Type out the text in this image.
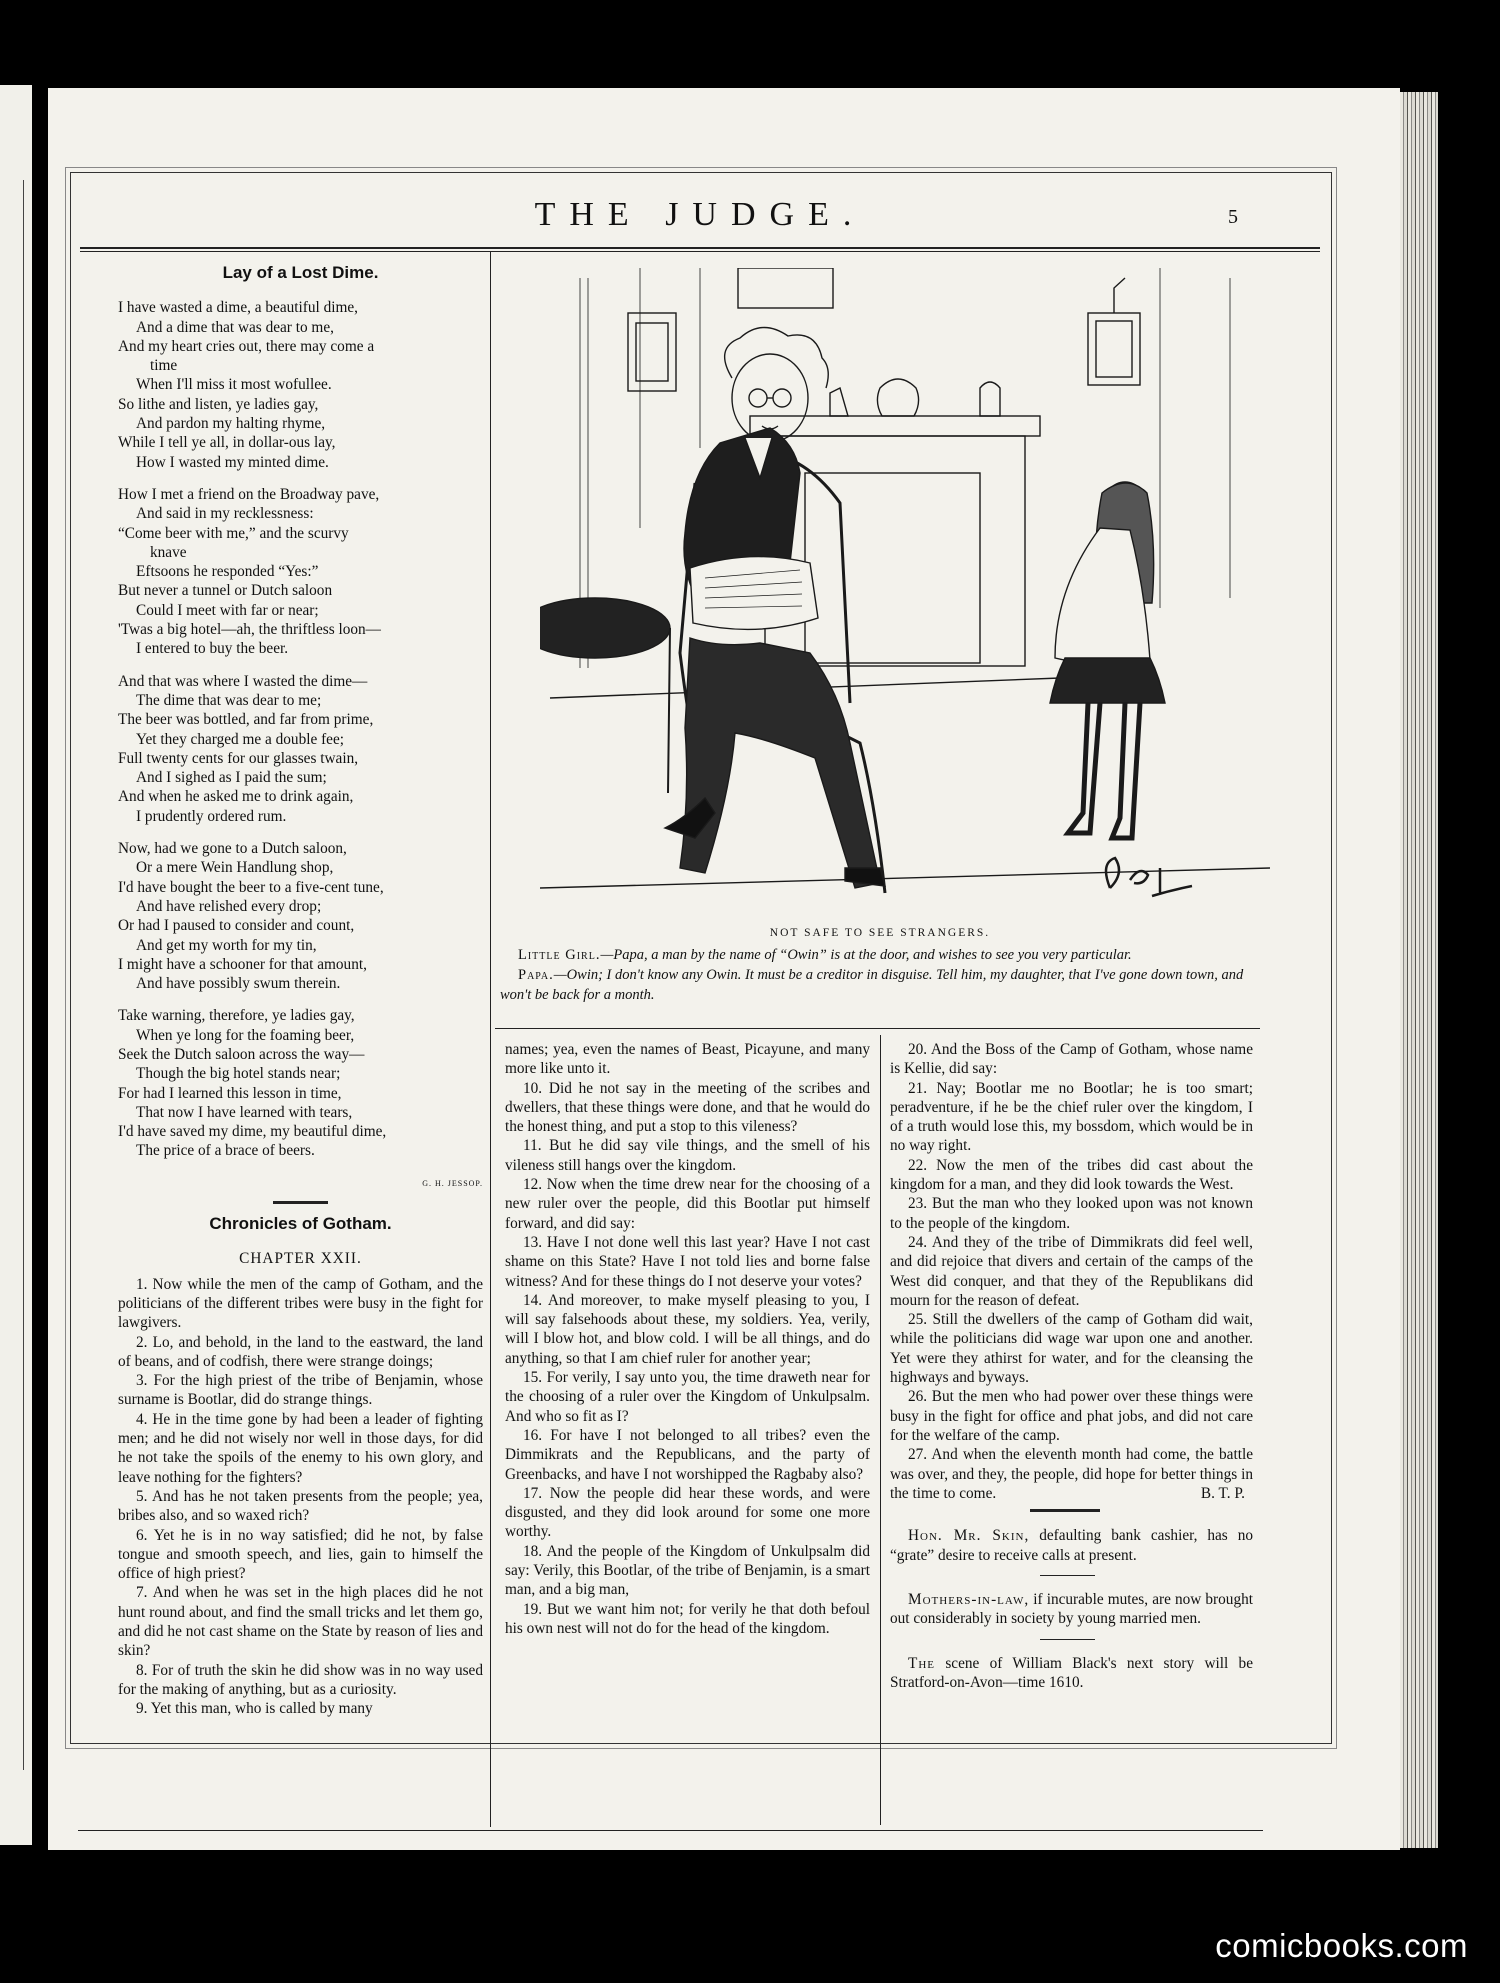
THE JUDGE.	5
Lay of a Lost Dime.
I have wasted a dime, a beautiful dime,
And a dime that was dear to me,
And my heart cries out, there may come a
time
When I'll miss it most wofullee.
So lithe and listen, ye ladies gay,
And pardon my halting rhyme,
While I tell ye all, in dollar-ous lay,
How I wasted my minted dime.
How I met a friend on the Broadway pave,
And said in my recklessness:
“Come beer with me,” and the scurvy
knave
Eftsoons he responded “Yes:”
But never a tunnel or Dutch saloon
Could I meet with far or near;
'Twas a big hotel—ah, the thriftless loon—
I entered to buy the beer.
And that was where I wasted the dime—
The dime that was dear to me;
The beer was bottled, and far from prime,
Yet they charged me a double fee;
Full twenty cents for our glasses twain,
And I sighed as I paid the sum;
And when he asked me to drink again,
I prudently ordered rum.
Now, had we gone to a Dutch saloon,
Or a mere Wein Handlung shop,
I'd have bought the beer to a five-cent tune,
And have relished every drop;
Or had I paused to consider and count,
And get my worth for my tin,
I might have a schooner for that amount,
And have possibly swum therein.
Take warning, therefore, ye ladies gay,
When ye long for the foaming beer,
Seek the Dutch saloon across the way—
Though the big hotel stands near;
For had I learned this lesson in time,
That now I have learned with tears,
I'd have saved my dime, my beautiful dime,
The price of a brace of beers.
G. H. JESSOP.
Chronicles of Gotham.
CHAPTER XXII.

1. Now while the men of the camp of Gotham, and the politicians of the different tribes were busy in the fight for lawgivers.

2. Lo, and behold, in the land to the eastward, the land of beans, and of codfish, there were strange doings;

3. For the high priest of the tribe of Benjamin, whose surname is Bootlar, did do strange things.

4. He in the time gone by had been a leader of fighting men; and he did not wisely nor well in those days, for did he not take the spoils of the enemy to his own glory, and leave nothing for the fighters?

5. And has he not taken presents from the people; yea, bribes also, and so waxed rich?

6. Yet he is in no way satisfied; did he not, by false tongue and smooth speech, and lies, gain to himself the office of high priest?

7. And when he was set in the high places did he not hunt round about, and find the small tricks and let them go, and did he not cast shame on the State by reason of lies and skin?

8. For of truth the skin he did show was in no way used for the making of anything, but as a curiosity.

9. Yet this man, who is called by many

Dal
NOT SAFE TO SEE STRANGERS.
Little Girl.—Papa, a man by the name of “Owin” is at the door, and wishes to see you very particular.
Papa.—Owin; I don't know any Owin. It must be a creditor in disguise. Tell him, my daughter, that I've gone down town, and won't be back for a month.

names; yea, even the names of Beast, Picayune, and many more like unto it.

10. Did he not say in the meeting of the scribes and dwellers, that these things were done, and that he would do the honest thing, and put a stop to this vileness?

11. But he did say vile things, and the smell of his vileness still hangs over the kingdom.

12. Now when the time drew near for the choosing of a new ruler over the people, did this Bootlar put himself forward, and did say:

13. Have I not done well this last year? Have I not cast shame on this State? Have I not told lies and borne false witness? And for these things do I not deserve your votes?

14. And moreover, to make myself pleasing to you, I will say falsehoods about these, my soldiers. Yea, verily, will I blow hot, and blow cold. I will be all things, and do anything, so that I am chief ruler for another year;

15. For verily, I say unto you, the time draweth near for the choosing of a ruler over the Kingdom of Unkulpsalm. And who so fit as I?

16. For have I not belonged to all tribes? even the Dimmikrats and the Republicans, and the party of Greenbacks, and have I not worshipped the Ragbaby also?

17. Now the people did hear these words, and were disgusted, and they did look around for some one more worthy.

18. And the people of the Kingdom of Unkulpsalm did say: Verily, this Bootlar, of the tribe of Benjamin, is a smart man, and a big man,

19. But we want him not; for verily he that doth befoul his own nest will not do for the head of the kingdom.

20. And the Boss of the Camp of Gotham, whose name is Kellie, did say:

21. Nay; Bootlar me no Bootlar; he is too smart; peradventure, if he be the chief ruler over the kingdom, I of a truth would lose this, my bossdom, which would be in no way right.

22. Now the men of the tribes did cast about the kingdom for a man, and they did look towards the West.

23. But the man who they looked upon was not known to the people of the kingdom.

24. And they of the tribe of Dimmikrats did feel well, and did rejoice that divers and certain of the camps of the West did conquer, and that they of the Republikans did mourn for the reason of defeat.

25. Still the dwellers of the camp of Gotham did wait, while the politicians did wage war upon one and another. Yet were they athirst for water, and for the cleansing the highways and byways.

26. But the men who had power over these things were busy in the fight for office and phat jobs, and did not care for the welfare of the camp.

27. And when the eleventh month had come, the battle was over, and they, the people, did hope for better things in the time to come.	B. T. P.

Hon. Mr. Skin, defaulting bank cashier, has no “grate” desire to receive calls at present.

Mothers-in-law, if incurable mutes, are now brought out considerably in society by young married men.

The scene of William Black's next story will be Stratford-on-Avon—time 1610.

comicbooks.com
